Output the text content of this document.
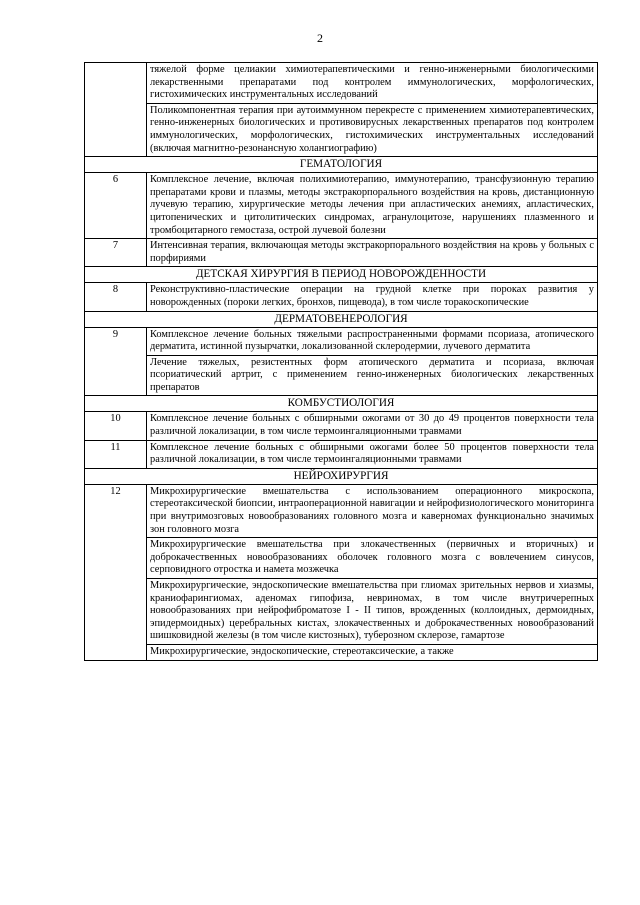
2
	тяжелой форме целиакии химиотерапевтическими и генно-инженерными биологическими лекарственными препаратами под контролем иммунологических, морфологических, гистохимических инструментальных исследований
	Поликомпонентная терапия при аутоиммунном перекресте с применением химиотерапевтических, генно-инженерных биологических и противовирусных лекарственных препаратов под контролем иммунологических, морфологических, гистохимических инструментальных исследований (включая магнитно-резонансную холангиографию)
ГЕМАТОЛОГИЯ	
6	Комплексное лечение, включая полихимиотерапию, иммунотерапию, трансфузионную терапию препаратами крови и плазмы, методы экстракорпорального воздействия на кровь, дистанционную лучевую терапию, хирургические методы лечения при апластических анемиях, апластических, цитопенических и цитолитических синдромах, агранулоцитозе, нарушениях плазменного и тромбоцитарного гемостаза, острой лучевой болезни
7	Интенсивная терапия, включающая методы экстракорпорального воздействия на кровь у больных с порфириями
ДЕТСКАЯ ХИРУРГИЯ В ПЕРИОД НОВОРОЖДЕННОСТИ	
8	Реконструктивно-пластические операции на грудной клетке при пороках развития у новорожденных (пороки легких, бронхов, пищевода), в том числе торакоскопические
ДЕРМАТОВЕНЕРОЛОГИЯ	
9	Комплексное лечение больных тяжелыми распространенными формами псориаза, атопического дерматита, истинной пузырчатки, локализованной склеродермии, лучевого дерматита
	Лечение тяжелых, резистентных форм атопического дерматита и псориаза, включая псориатический артрит, с применением генно-инженерных биологических лекарственных препаратов
КОМБУСТИОЛОГИЯ	
10	Комплексное лечение больных с обширными ожогами от 30 до 49 процентов поверхности тела различной локализации, в том числе термоингаляционными травмами
11	Комплексное лечение больных с обширными ожогами более 50 процентов поверхности тела различной локализации, в том числе термоингаляционными травмами
НЕЙРОХИРУРГИЯ	
12	Микрохирургические вмешательства с использованием операционного микроскопа, стереотаксической биопсии, интраоперационной навигации и нейрофизиологического мониторинга при внутримозговых новообразованиях головного мозга и каверномах функционально значимых зон головного мозга
	Микрохирургические вмешательства при злокачественных (первичных и вторичных) и доброкачественных новообразованиях оболочек головного мозга с вовлечением синусов, серповидного отростка и намета мозжечка
	Микрохирургические, эндоскопические вмешательства при глиомах зрительных нервов и хиазмы, краниофарингиомах, аденомах гипофиза, невриномах, в том числе внутричерепных новообразованиях при нейрофиброматозе I - II типов, врожденных (коллоидных, дермоидных, эпидермоидных) церебральных кистах, злокачественных и доброкачественных новообразований шишковидной железы (в том числе кистозных), туберозном склерозе, гамартозе
	Микрохирургические, эндоскопические, стереотаксические, а также
